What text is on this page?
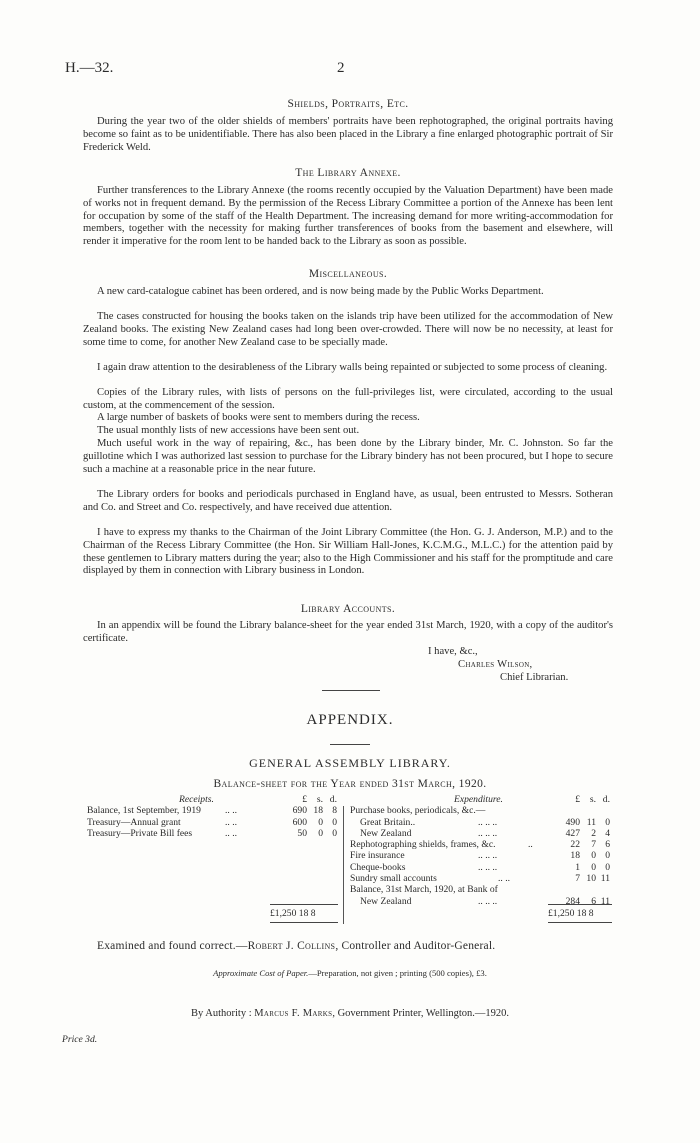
H.—32.	2
Shields, Portraits, Etc.

During the year two of the older shields of members' portraits have been rephotographed, the original portraits having become so faint as to be unidentifiable. There has also been placed in the Library a fine enlarged photographic portrait of Sir Frederick Weld.

The Library Annexe.

Further transferences to the Library Annexe (the rooms recently occupied by the Valuation Department) have been made of works not in frequent demand. By the permission of the Recess Library Committee a portion of the Annexe has been lent for occupation by some of the staff of the Health Department. The increasing demand for more writing-accommodation for members, together with the necessity for making further transferences of books from the basement and elsewhere, will render it imperative for the room lent to be handed back to the Library as soon as possible.

Miscellaneous.

A new card-catalogue cabinet has been ordered, and is now being made by the Public Works Department.

The cases constructed for housing the books taken on the islands trip have been utilized for the accommodation of New Zealand books. The existing New Zealand cases had long been over-crowded. There will now be no necessity, at least for some time to come, for another New Zealand case to be specially made.

I again draw attention to the desirableness of the Library walls being repainted or subjected to some process of cleaning.

Copies of the Library rules, with lists of persons on the full-privileges list, were circulated, according to the usual custom, at the commencement of the session.

A large number of baskets of books were sent to members during the recess.

The usual monthly lists of new accessions have been sent out.

Much useful work in the way of repairing, &c., has been done by the Library binder, Mr. C. Johnston. So far the guillotine which I was authorized last session to purchase for the Library bindery has not been procured, but I hope to secure such a machine at a reasonable price in the near future.

The Library orders for books and periodicals purchased in England have, as usual, been entrusted to Messrs. Sotheran and Co. and Street and Co. respectively, and have received due attention.

I have to express my thanks to the Chairman of the Joint Library Committee (the Hon. G. J. Anderson, M.P.) and to the Chairman of the Recess Library Committee (the Hon. Sir William Hall-Jones, K.C.M.G., M.L.C.) for the attention paid by these gentlemen to Library matters during the year; also to the High Commissioner and his staff for the promptitude and care displayed by them in connection with Library business in London.

Library Accounts.

In an appendix will be found the Library balance-sheet for the year ended 31st March, 1920, with a copy of the auditor's certificate.

I have, &c.,
Charles Wilson,
Chief Librarian.
APPENDIX.
GENERAL ASSEMBLY LIBRARY.
Balance-sheet for the Year ended 31st March, 1920.
Receipts.	£	s. d.
Balance, 1st September, 1919	.. ..	690 18 8
Treasury—Annual grant	.. ..	600	0 0
Treasury—Private Bill fees	.. ..	50	0 0
Expenditure.	£	s. d.
Purchase books, periodicals, &c.—
Great Britain..	.. .. ..	490 11 0
New Zealand	.. .. ..	427	2 4
Rephotographing shields, frames, &c.	..	22	7 6
Fire insurance	.. .. ..	18	0 0
Cheque-books	.. .. ..	1	0 0
Sundry small accounts	.. ..	7 10 11
Balance, 31st March, 1920, at Bank of
New Zealand	.. .. ..	284	6 11
£1,250 18 8	£1,250 18 8
Examined and found correct.—Robert J. Collins, Controller and Auditor-General.
Approximate Cost of Paper.—Preparation, not given ; printing (500 copies), £3.
By Authority : Marcus F. Marks, Government Printer, Wellington.—1920.
Price 3d.
